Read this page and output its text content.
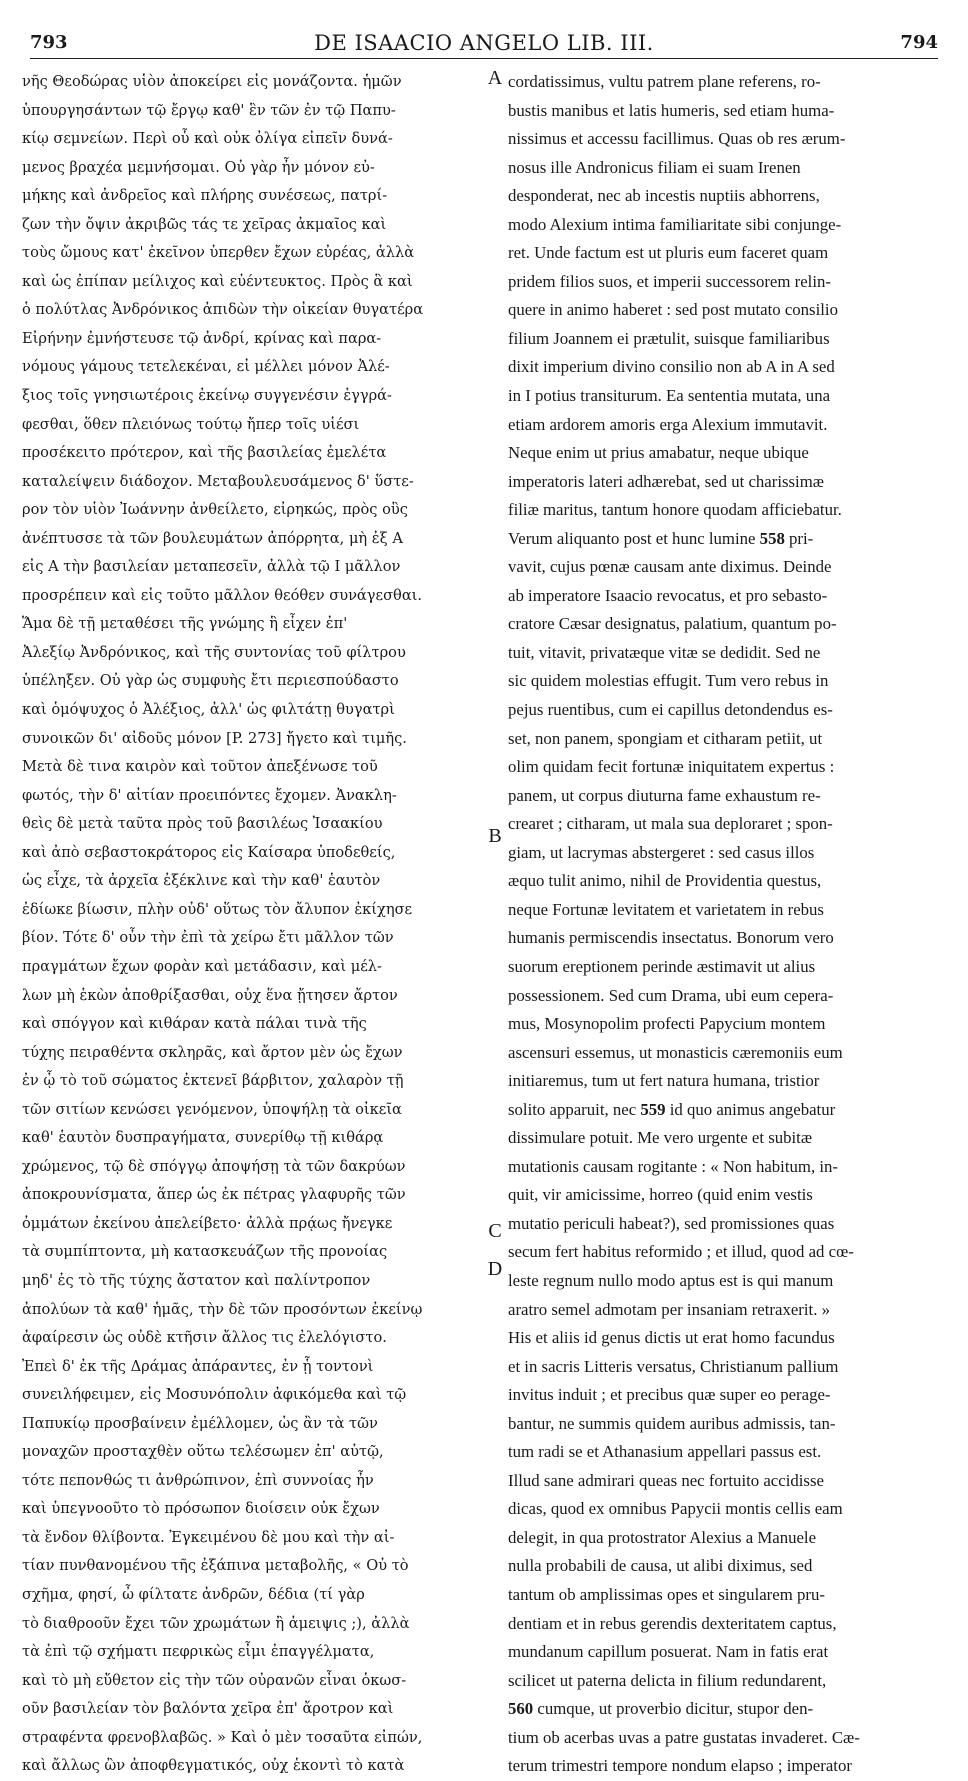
793	DE ISAACIO ANGELO LIB. III.	794
νῆς Θεοδώρας υἱὸν ἀποκείρει εἰς μονάζοντα. ἡμῶν
ὑπουργησάντων τῷ ἔργῳ καθ' ἓν τῶν ἐν τῷ Παπυ-
κίῳ σεμνείων. Περὶ οὗ καὶ οὐκ ὀλίγα εἰπεῖν δυνά-
μενος βραχέα μεμνήσομαι. Οὐ γὰρ ἦν μόνον εὐ-
μήκης καὶ ἀνδρεῖος καὶ πλήρης συνέσεως, πατρί-
ζων τὴν ὄψιν ἀκριβῶς τάς τε χεῖρας ἀκμαῖος καὶ
τοὺς ὤμους κατ' ἐκεῖνον ὑπερθεν ἔχων εὐρέας, ἀλλὰ
καὶ ὡς ἐπίπαν μείλιχος καὶ εὐέντευκτος. Πρὸς ἃ καὶ
ὁ πολύτλας Ἀνδρόνικος ἀπιδὼν τὴν οἰκείαν θυγατέρα
Εἰρήνην ἐμνήστευσε τῷ ἀνδρί, κρίνας καὶ παρα-
νόμους γάμους τετελεκέναι, εἰ μέλλει μόνον Ἀλέ-
ξιος τοῖς γνησιωτέροις ἐκείνῳ συγγενέσιν ἐγγρά-
φεσθαι, ὅθεν πλειόνως τούτῳ ἤπερ τοῖς υἱέσι
προσέκειτο πρότερον, καὶ τῆς βασιλείας ἐμελέτα
καταλείψειν διάδοχον. Μεταβουλευσάμενος δ' ὕστε-
ρον τὸν υἱὸν Ἰωάννην ἀνθείλετο, εἰρηκώς, πρὸς οὓς
ἀνέπτυσσε τὰ τῶν βουλευμάτων ἀπόρρητα, μὴ ἐξ Α
εἰς Α τὴν βασιλείαν μεταπεσεῖν, ἀλλὰ τῷ Ι μᾶλλον
προσρέπειν καὶ εἰς τοῦτο μᾶλλον θεόθεν συνάγεσθαι.
Ἅμα δὲ τῇ μεταθέσει τῆς γνώμης ἣ εἶχεν ἐπ'
Ἀλεξίῳ Ἀνδρόνικος, καὶ τῆς συντονίας τοῦ φίλτρου
ὑπέληξεν. Οὐ γὰρ ὡς συμφυὴς ἔτι περιεσπούδαστο
καὶ ὁμόψυχος ὁ Ἀλέξιος, ἀλλ' ὡς φιλτάτῃ θυγατρὶ
συνοικῶν δι' αἰδοῦς μόνον [P. 273] ἤγετο καὶ τιμῆς.
Μετὰ δὲ τινα καιρὸν καὶ τοῦτον ἀπεξένωσε τοῦ
φωτός, τὴν δ' αἰτίαν προειπόντες ἔχομεν. Ἀνακλη-
θεὶς δὲ μετὰ ταῦτα πρὸς τοῦ βασιλέως Ἰσαακίου
καὶ ἀπὸ σεβαστοκράτορος εἰς Καίσαρα ὑποδεθείς,
ὡς εἶχε, τὰ ἀρχεῖα ἐξέκλινε καὶ τὴν καθ' ἑαυτὸν
ἐδίωκε βίωσιν, πλὴν οὐδ' οὕτως τὸν ἄλυπον ἐκίχησε
βίον. Τότε δ' οὖν τὴν ἐπὶ τὰ χείρω ἔτι μᾶλλον τῶν
πραγμάτων ἔχων φορὰν καὶ μετάδασιν, καὶ μέλ-
λων μὴ ἑκὼν ἀποθρίξασθαι, οὐχ ἕνα ᾔτησεν ἄρτον
καὶ σπόγγον καὶ κιθάραν κατὰ πάλαι τινὰ τῆς
τύχης πειραθέντα σκληρᾶς, καὶ ἄρτον μὲν ὡς ἔχων
ἐν ᾧ τὸ τοῦ σώματος ἐκτενεῖ βάρβιτον, χαλαρὸν τῇ
τῶν σιτίων κενώσει γενόμενον, ὑποψήλῃ τὰ οἰκεῖα
καθ' ἑαυτὸν δυσπραγήματα, συνερίθῳ τῇ κιθάρᾳ
χρώμενος, τῷ δὲ σπόγγῳ ἀποψήσῃ τὰ τῶν δακρύων
ἀποκρουνίσματα, ἅπερ ὡς ἐκ πέτρας γλαφυρῆς τῶν
ὀμμάτων ἐκείνου ἀπελείβετο· ἀλλὰ πρᾴως ἤνεγκε
τὰ συμπίπτοντα, μὴ κατασκευάζων τῆς προνοίας
μηδ' ἐς τὸ τῆς τύχης ἄστατον καὶ παλίντροπον
ἀπολύων τὰ καθ' ἡμᾶς, τὴν δὲ τῶν προσόντων ἐκείνῳ
ἀφαίρεσιν ὡς οὐδὲ κτῆσιν ἄλλος τις ἐλελόγιστο.
Ἐπεὶ δ' ἐκ τῆς Δράμας ἀπάραντες, ἐν ᾗ τοντονὶ
συνειλήφειμεν, εἰς Μοσυνόπολιν ἀφικόμεθα καὶ τῷ
Παπυκίῳ προσβαίνειν ἐμέλλομεν, ὡς ἂν τὰ τῶν
μοναχῶν προσταχθὲν οὕτω τελέσωμεν ἐπ' αὐτῷ,
τότε πεπονθώς τι ἀνθρώπινον, ἐπὶ συννοίας ἦν
καὶ ὑπεγνοοῦτο τὸ πρόσωπον διοίσειν οὐκ ἔχων
τὰ ἔνδον θλίβοντα. Ἐγκειμένου δὲ μου καὶ τὴν αἰ-
τίαν πυνθανομένου τῆς ἐξάπινα μεταβολῆς, « Οὐ τὸ
σχῆμα, φησί, ὦ φίλτατε ἀνδρῶν, δέδια (τί γὰρ
τὸ διαθροοῦν ἔχει τῶν χρωμάτων ἢ ἀμειψις ;), ἀλλὰ
τὰ ἐπὶ τῷ σχήματι πεφρικὼς εἶμι ἐπαγγέλματα,
καὶ τὸ μὴ εὔθετον εἰς τὴν τῶν οὐρανῶν εἶναι ὁκωσ-
οῦν βασιλείαν τὸν βαλόντα χεῖρα ἐπ' ἄροτρον καὶ
στραφέντα φρενοβλαβῶς. » Καὶ ὁ μὲν τοσαῦτα εἰπών,
καὶ ἄλλως ὢν ἀποφθεγματικός, οὐχ ἑκοντὶ τὸ κατὰ
cordatissimus, vultu patrem plane referens, ro-
bustis manibus et latis humeris, sed etiam huma-
nissimus et accessu facillimus. Quas ob res ærum-
nosus ille Andronicus filiam ei suam Irenen
desponderat, nec ab incestis nuptiis abhorrens,
modo Alexium intima familiaritate sibi conjunge-
ret. Unde factum est ut pluris eum faceret quam
pridem filios suos, et imperii successorem relin-
quere in animo haberet : sed post mutato consilio
filium Joannem ei prætulit, suisque familiaribus
dixit imperium divino consilio non ab A in A sed
in I potius transiturum. Ea sententia mutata, una
etiam ardorem amoris erga Alexium immutavit.
Neque enim ut prius amabatur, neque ubique
imperatoris lateri adhærebat, sed ut charissimæ
filiæ maritus, tantum honore quodam afficiebatur.
Verum aliquanto post et hunc lumine 558 pri-
vavit, cujus pœnæ causam ante diximus. Deinde
ab imperatore Isaacio revocatus, et pro sebasto-
cratore Cæsar designatus, palatium, quantum po-
tuit, vitavit, privatæque vitæ se dedidit. Sed ne
sic quidem molestias effugit. Tum vero rebus in
pejus ruentibus, cum ei capillus detondendus es-
set, non panem, spongiam et citharam petiit, ut
olim quidam fecit fortunæ iniquitatem expertus :
panem, ut corpus diuturna fame exhaustum re-
crearet ; citharam, ut mala sua deploraret ; spon-
giam, ut lacrymas abstergeret : sed casus illos
æquo tulit animo, nihil de Providentia questus,
neque Fortunæ levitatem et varietatem in rebus
humanis permiscendis insectatus. Bonorum vero
suorum ereptionem perinde æstimavit ut alius
possessionem. Sed cum Drama, ubi eum cepera-
mus, Mosynopolim profecti Papycium montem
ascensuri essemus, ut monasticis cæremoniis eum
initiaremus, tum ut fert natura humana, tristior
solito apparuit, nec 559 id quo animus angebatur
dissimulare potuit. Me vero urgente et subitæ
mutationis causam rogitante : « Non habitum, in-
quit, vir amicissime, horreo (quid enim vestis
mutatio periculi habeat?), sed promissiones quas
secum fert habitus reformido ; et illud, quod ad cœ-
leste regnum nullo modo aptus est is qui manum
aratro semel admotam per insaniam retraxerit. »
His et aliis id genus dictis ut erat homo facundus
et in sacris Litteris versatus, Christianum pallium
invitus induit ; et precibus quæ super eo perage-
bantur, ne summis quidem auribus admissis, tan-
tum radi se et Athanasium appellari passus est.
Illud sane admirari queas nec fortuito accidisse
dicas, quod ex omnibus Papycii montis cellis eam
delegit, in qua protostrator Alexius a Manuele
nulla probabili de causa, ut alibi diximus, sed
tantum ob amplissimas opes et singularem pru-
dentiam et in rebus gerendis dexteritatem captus,
mundanum capillum posuerat. Nam in fatis erat
scilicet ut paterna delicta in filium redundarent,
560 cumque, ut proverbio dicitur, stupor den-
tium ob acerbas uvas a patre gustatas invaderet. Cæ-
terum trimestri tempore nondum elapso ; imperator
A
B
C
D
